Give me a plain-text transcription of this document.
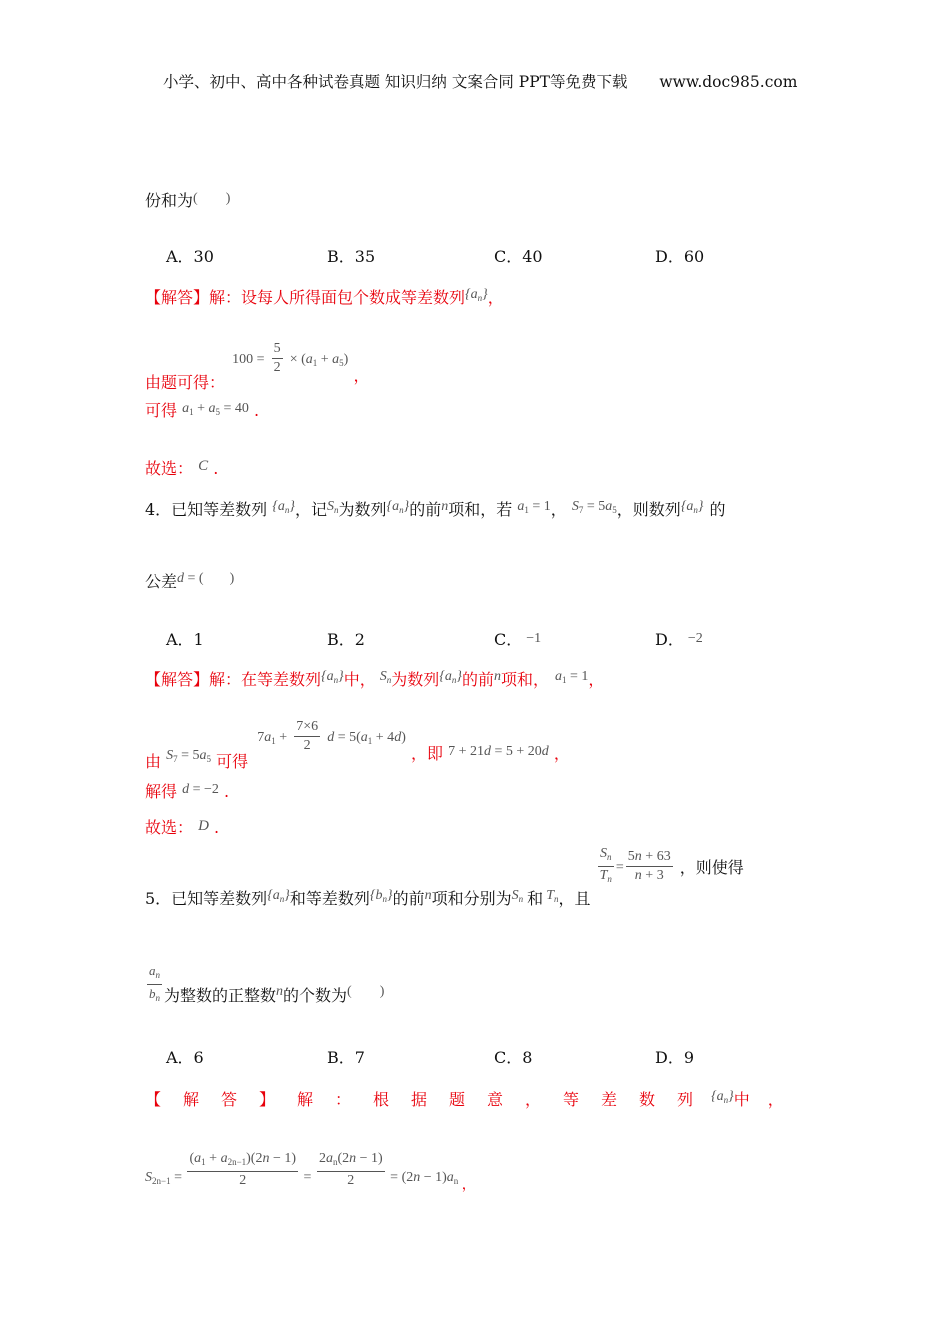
小学、初中、高中各种试卷真题 知识归纳 文案合同 PPT等免费下载 www.doc985.com
份和为( )
A．30	B．35	C．40	D．60
【解答】解：设每人所得面包个数成等差数列$\{a_n\}$，
由题可得： $100 = \frac{5}{2} \times (a_1 + a_5)$ ，
可得 $a_1 + a_5 = 40$ .
故选： C .
4．已知等差数列 $\{a_n\}$，记$S_n$为数列$\{a_n\}$的前n项和，若 $a_1 = 1$， $S_7 = 5a_5$，则数列$\{a_n\}$ 的
公差d = ( )
A．1	B．2	C． −1	D． −2
【解答】解：在等差数列$\{a_n\}$中， $S_n$为数列$\{a_n\}$的前n项和， $a_1 = 1$，
由 $S_7 = 5a_5$ 可得 $7a_1 + \frac{7\times 6}{2}$ $d = 5(a_1 + 4d)$ ，即 7 + 21d = 5 + 20d ，
解得 d = −2 .
故选： D .
5．已知等差数列$\{a_n\}$和等差数列$\{b_n\}$的前n项和分别为$S_n$ 和 $T_n$，且
$\frac{S_n}{T_n} = \frac{5n + 63}{n + 3}$ ，则使得
$\frac{a_n}{b_n}$ 为整数的正整数n的个数为( )
A．6	B．7	C．8	D．9
【 解 答 】 解 ： 根 据 题 意 ， 等 差 数 列 {an}中 ，
$S_{2n-1} = \frac{(a_1 + a_{2n-1})(2n - 1)}{2} = \frac{2a_n(2n - 1)}{2} = (2n - 1)a_n$ ，
